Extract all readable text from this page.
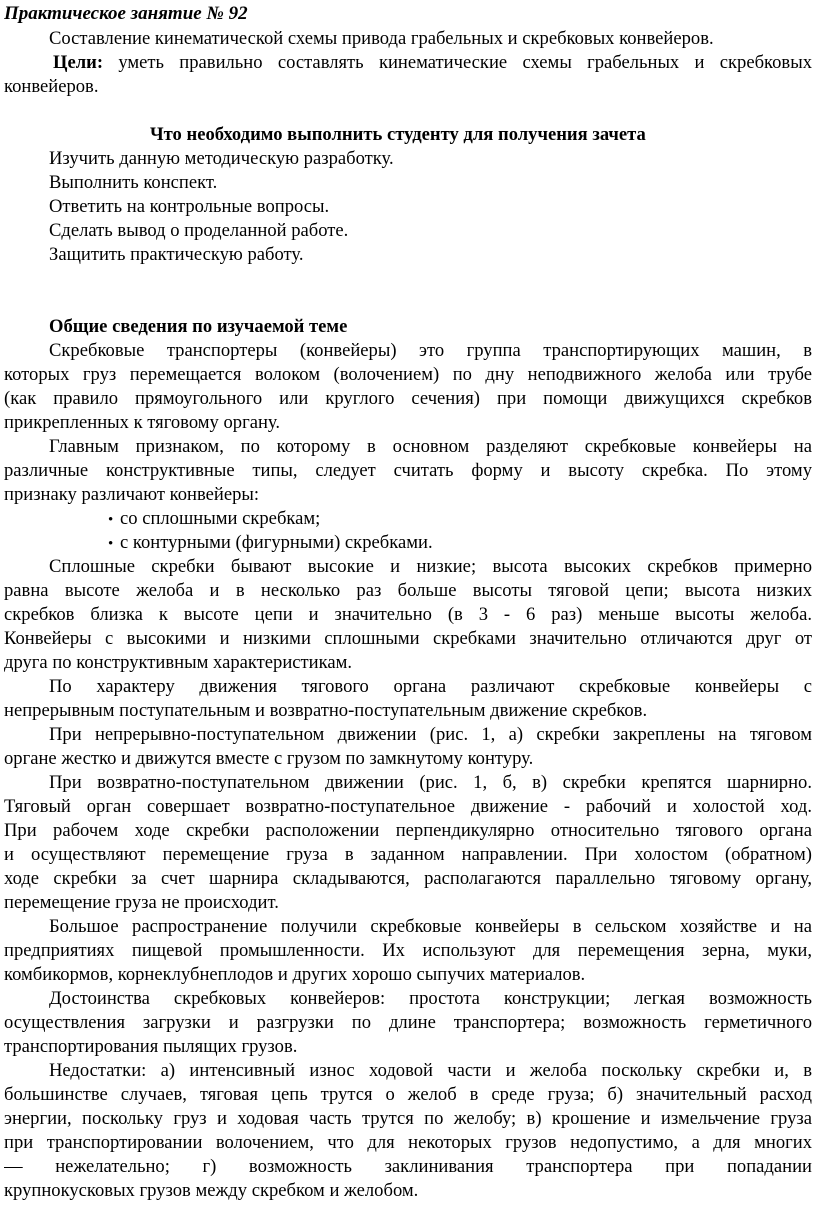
Практическое занятие № 92

Составление кинематической схемы привода грабельных и скребковых конвейеров.

Цели: уметь правильно составлять кинематические схемы грабельных и скребковых

конвейеров.

Что необходимо выполнить студенту для получения зачета

Изучить данную методическую разработку.

Выполнить конспект.

Ответить на контрольные вопросы.

Сделать вывод о проделанной работе.

Защитить практическую работу.

Общие сведения по изучаемой теме

Скребковые транспортеры (конвейеры) это группа транспортирующих машин, в

которых груз перемещается волоком (волочением) по дну неподвижного желоба или трубе

(как правило прямоугольного или круглого сечения) при помощи движущихся скребков

прикрепленных к тяговому органу.

Главным признаком, по которому в основном разделяют скребковые конвейеры на

различные конструктивные типы, следует считать форму и высоту скребка. По этому

признаку различают конвейеры:

• со сплошными скребкам;

• с контурными (фигурными) скребками.

Сплошные скребки бывают высокие и низкие; высота высоких скребков примерно

равна высоте желоба и в несколько раз больше высоты тяговой цепи; высота низких

скребков близка к высоте цепи и значительно (в 3 - 6 раз) меньше высоты желоба.

Конвейеры с высокими и низкими сплошными скребками значительно отличаются друг от

друга по конструктивным характеристикам.

По характеру движения тягового органа различают скребковые конвейеры с

непрерывным поступательным и возвратно-поступательным движение скребков.

При непрерывно-поступательном движении (рис. 1, а) скребки закреплены на тяговом

органе жестко и движутся вместе с грузом по замкнутому контуру.

При возвратно-поступательном движении (рис. 1, б, в) скребки крепятся шарнирно.

Тяговый орган совершает возвратно-поступательное движение - рабочий и холостой ход.

При рабочем ходе скребки расположении перпендикулярно относительно тягового органа

и осуществляют перемещение груза в заданном направлении. При холостом (обратном)

ходе скребки за счет шарнира складываются, располагаются параллельно тяговому органу,

перемещение груза не происходит.

Большое распространение получили скребковые конвейеры в сельском хозяйстве и на

предприятиях пищевой промышленности. Их используют для перемещения зерна, муки,

комбикормов, корнеклубнеплодов и других хорошо сыпучих материалов.

Достоинства скребковых конвейеров: простота конструкции; легкая возможность

осуществления загрузки и разгрузки по длине транспортера; возможность герметичного

транспортирования пылящих грузов.

Недостатки: а) интенсивный износ ходовой части и желоба поскольку скребки и, в

большинстве случаев, тяговая цепь трутся о желоб в среде груза; б) значительный расход

энергии, поскольку груз и ходовая часть трутся по желобу; в) крошение и измельчение груза

при транспортировании волочением, что для некоторых грузов недопустимо, а для многих

— нежелательно; г) возможность заклинивания транспортера при попадании

крупнокусковых грузов между скребком и желобом.
